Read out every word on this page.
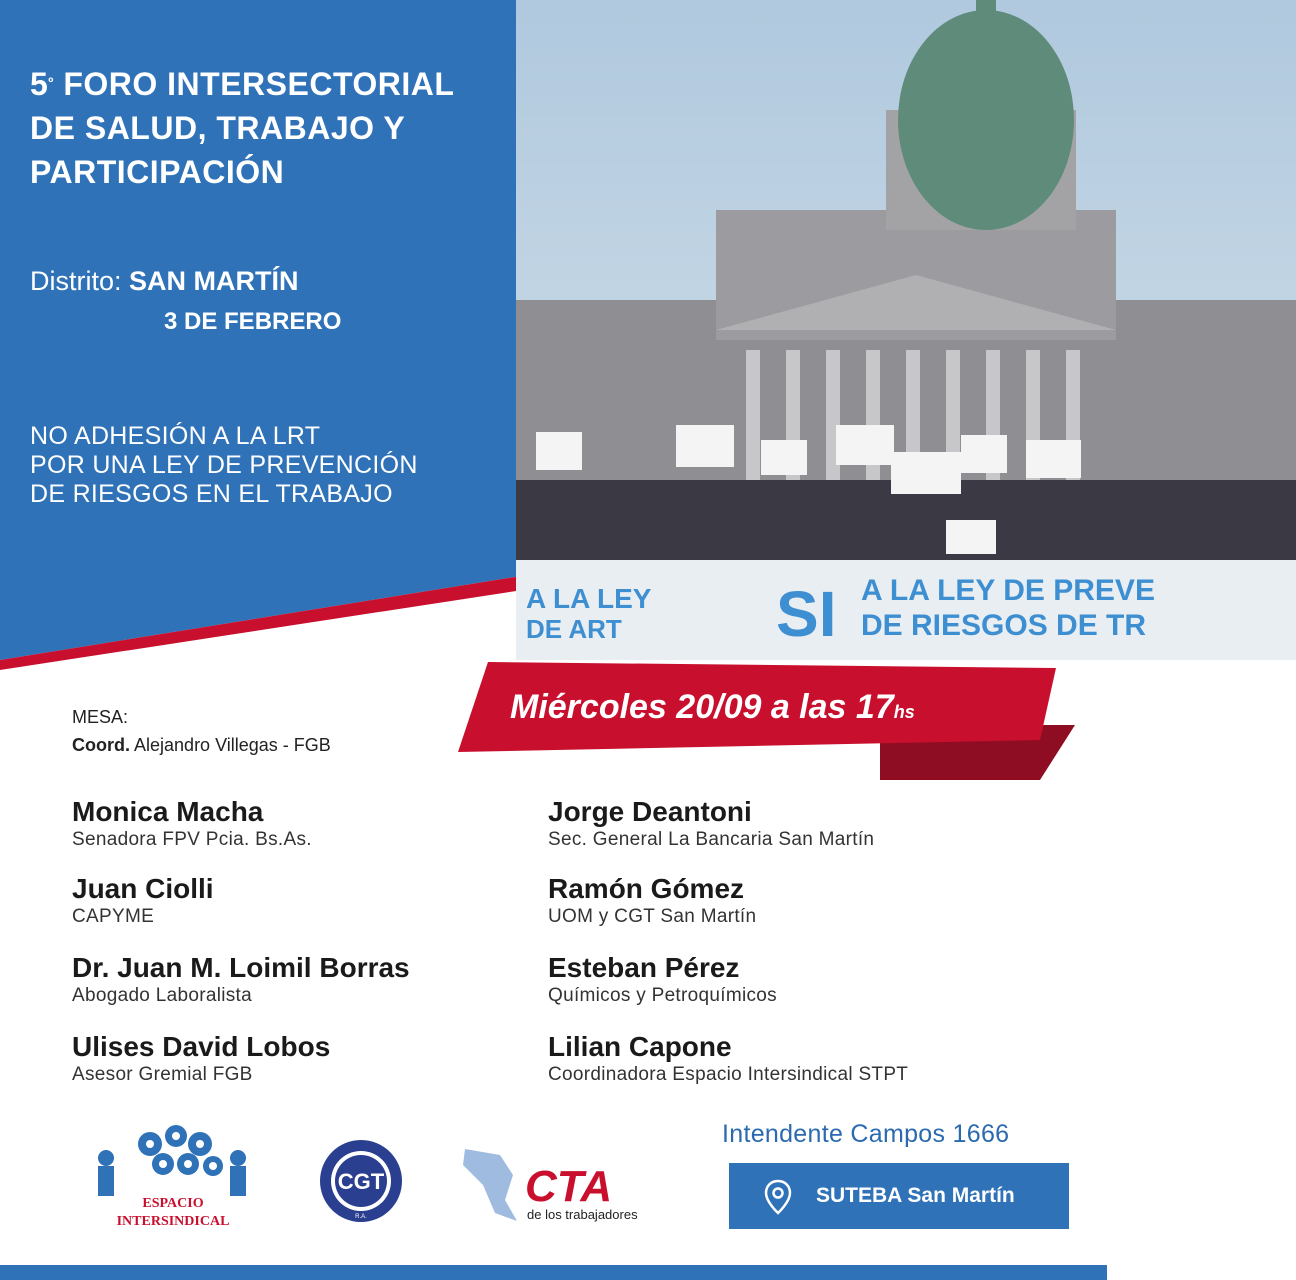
A LA LEY
DE ART SI A LA LEY DE PREVE
DE RIESGOS DE TR
$5^º$ FORO INTERSECTORIAL
DE SALUD, TRABAJO Y
PARTICIPACIÓN
Distrito: SAN MARTÍN
3 DE FEBRERO
NO ADHESIÓN A LA LRT
POR UNA LEY DE PREVENCIÓN
DE RIESGOS EN EL TRABAJO
Miércoles 20/09 a las 17hs
MESA:
Coord. Alejandro Villegas - FGB
Monica Macha
Senadora FPV Pcia. Bs.As.
Juan Ciolli
CAPYME
Dr. Juan M. Loimil Borras
Abogado Laboralista
Ulises David Lobos
Asesor Gremial FGB
Jorge Deantoni
Sec. General La Bancaria San Martín
Ramón Gómez
UOM y CGT San Martín
Esteban Pérez
Químicos y Petroquímicos
Lilian Capone
Coordinadora Espacio Intersindical STPT
ESPACIO
INTERSINDICAL
CGT
R.A.
CTA
de los trabajadores
Intendente Campos 1666
SUTEBA San Martín
